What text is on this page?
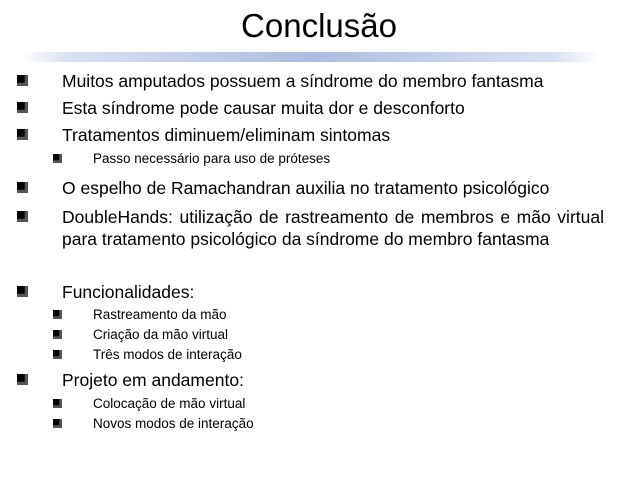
Conclusão
Muitos amputados possuem a síndrome do membro fantasma
Esta síndrome pode causar muita dor e desconforto
Tratamentos diminuem/eliminam sintomas
Passo necessário para uso de próteses
O espelho de Ramachandran auxilia no tratamento psicológico
DoubleHands: utilização de rastreamento de membros e mão virtual para tratamento psicológico da síndrome do membro fantasma
Funcionalidades:
Rastreamento da mão
Criação da mão virtual
Três modos de interação
Projeto em andamento:
Colocação de mão virtual
Novos modos de interação
